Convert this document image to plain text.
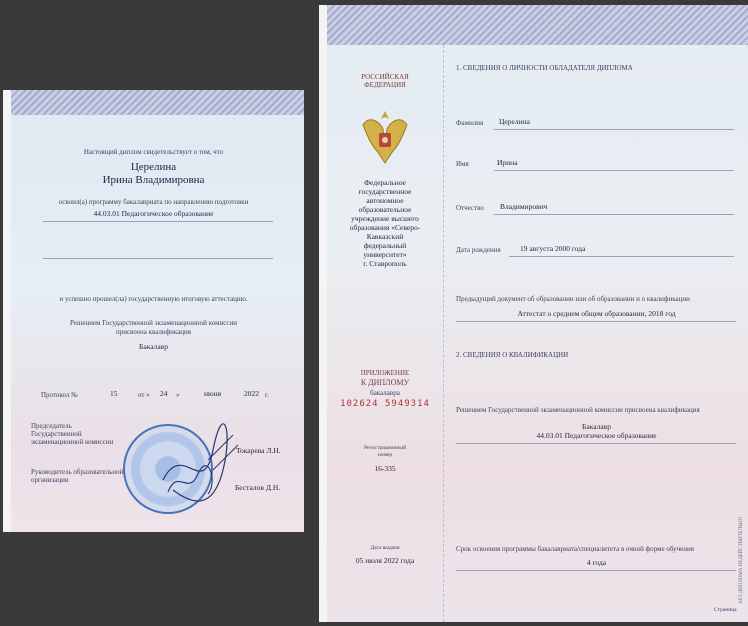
Настоящий диплом свидетельствует о том, что
Церелина
Ирина Владимировна
освоил(а) программу бакалавриата по направлению подготовки
44.03.01 Педагогическое образование
и успешно прошел(ла) государственную итоговую аттестацию.
Решением Государственной экзаменационной комиссии
присвоена квалификация
Бакалавр
Протокол №	15	от « 24 »	июня	2022 г.
Председатель
Государственной
экзаменационной комиссии
Токарева Л.Н.
Руководитель образовательной
организации
Бесталов Д.Н.
РОССИЙСКАЯ
ФЕДЕРАЦИЯ
Федеральное
государственное
автономное
образовательное
учреждение высшего
образования «Северо-
Кавказский
федеральный
университет»
г. Ставрополь
ПРИЛОЖЕНИЕ
К ДИПЛОМУ
бакалавра
102624 5949314
Регистрационный
номер
16-335
Дата выдачи
05 июля 2022 года
1. СВЕДЕНИЯ О ЛИЧНОСТИ ОБЛАДАТЕЛЯ ДИПЛОМА
Фамилия Церелина
Имя	Ирина
Отчество Владимирович
Дата рождения	19 августа 2000 года
Предыдущий документ об образовании или об образовании и о квалификации
Аттестат о среднем общем образовании, 2018 год
2. СВЕДЕНИЯ О КВАЛИФИКАЦИИ
Решением Государственной экзаменационной комиссии присвоена квалификация
Бакалавр
44.03.01 Педагогическое образование
Срок освоения программы бакалавриата/специалитета в очной форме обучения
4 года	БЕЗ ДИПЛОМА НЕДЕЙСТВИТЕЛЬНО
Страница
